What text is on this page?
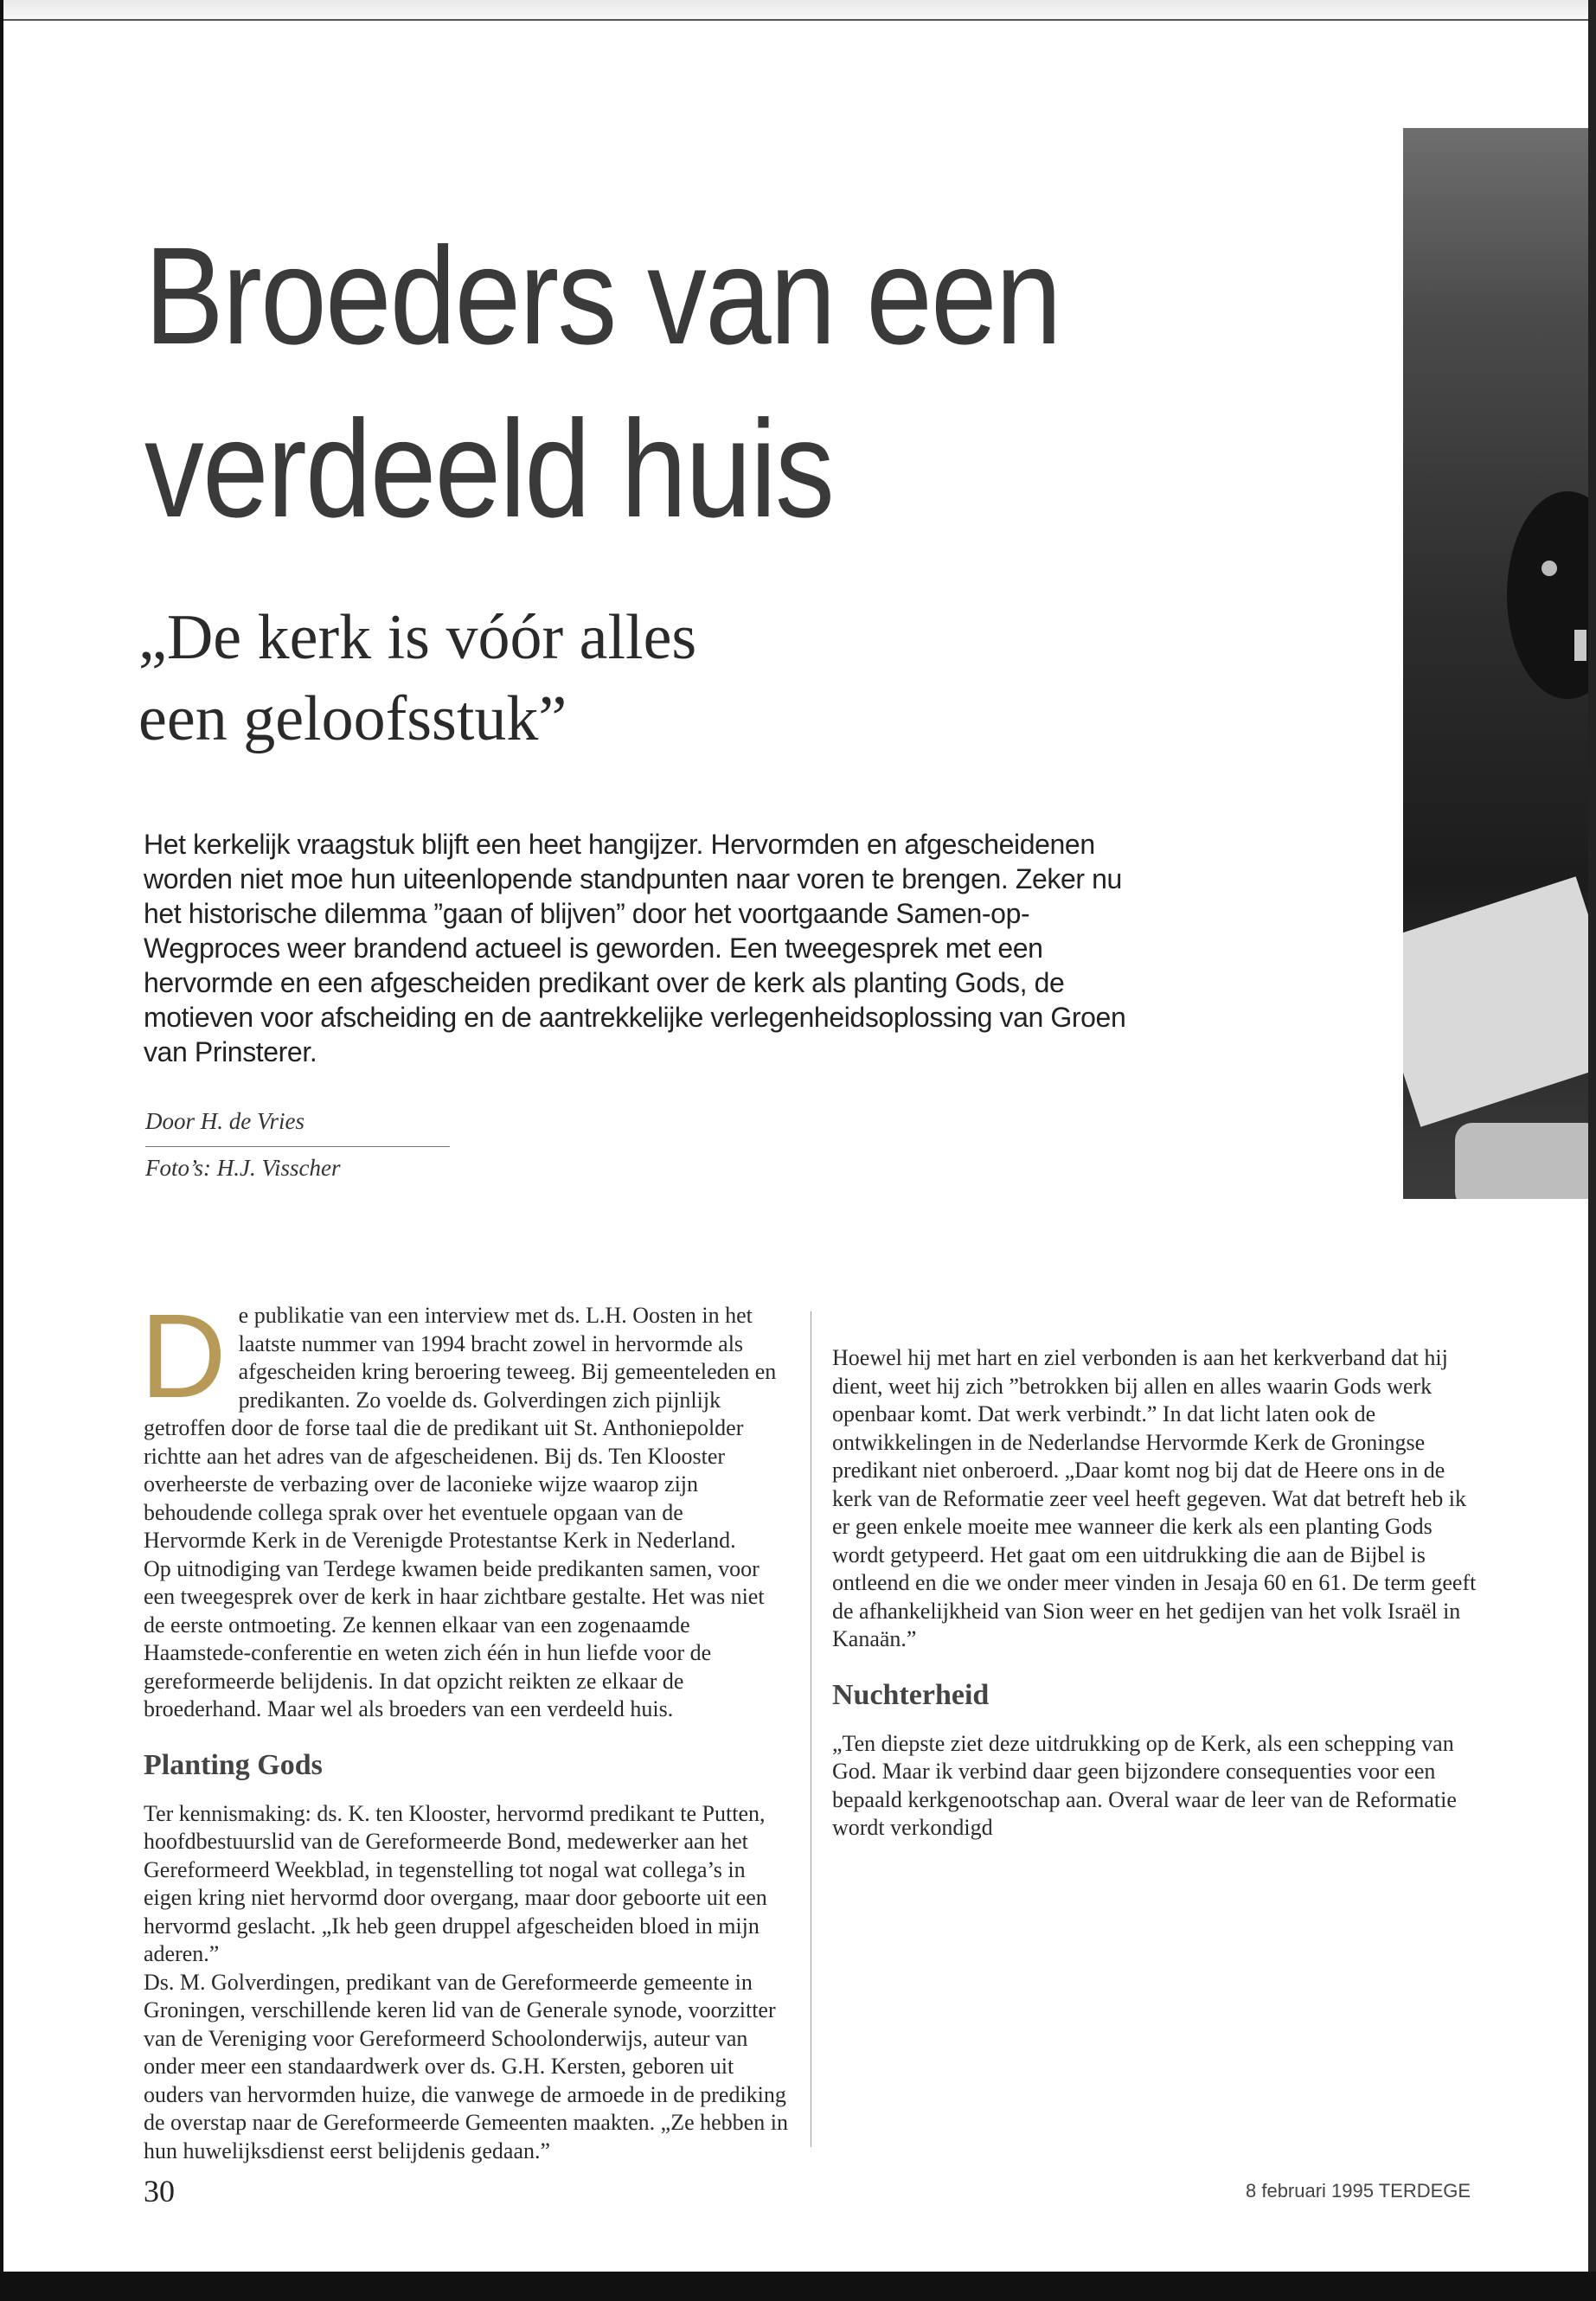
Broeders van een
verdeeld huis
„De kerk is vóór alles
een geloofsstuk”

Het kerkelijk vraagstuk blijft een heet hangijzer. Hervormden en afgescheidenen worden niet moe hun uiteenlopende standpunten naar voren te brengen. Zeker nu het historische dilemma ”gaan of blijven” door het voortgaande Samen-op-Wegproces weer brandend actueel is geworden. Een tweegesprek met een hervormde en een afgescheiden predikant over de kerk als planting Gods, de motieven voor afscheiding en de aantrekkelijke verlegenheidsoplossing van Groen van Prinsterer.

Door H. de Vries
Foto’s: H.J. Visscher

De publikatie van een interview met ds. L.H. Oosten in het laatste nummer van 1994 bracht zowel in hervormde als afgescheiden kring beroering teweeg. Bij gemeenteleden en predikanten. Zo voelde ds. Golverdingen zich pijnlijk getroffen door de forse taal die de predikant uit St. Anthoniepolder richtte aan het adres van de afgescheidenen. Bij ds. Ten Klooster overheerste de verbazing over de laconieke wijze waarop zijn behoudende collega sprak over het eventuele opgaan van de Hervormde Kerk in de Verenigde Protestantse Kerk in Nederland.

Op uitnodiging van Terdege kwamen beide predikanten samen, voor een tweegesprek over de kerk in haar zichtbare gestalte. Het was niet de eerste ontmoeting. Ze kennen elkaar van een zogenaamde Haamstede-conferentie en weten zich één in hun liefde voor de gereformeerde belijdenis. In dat opzicht reikten ze elkaar de broederhand. Maar wel als broeders van een verdeeld huis.

Planting Gods

Ter kennismaking: ds. K. ten Klooster, hervormd predikant te Putten, hoofdbestuurslid van de Gereformeerde Bond, medewerker aan het Gereformeerd Weekblad, in tegenstelling tot nogal wat collega’s in eigen kring niet hervormd door overgang, maar door geboorte uit een hervormd geslacht. „Ik heb geen druppel afgescheiden bloed in mijn aderen.”

Ds. M. Golverdingen, predikant van de Gereformeerde gemeente in Groningen, verschillende keren lid van de Generale synode, voorzitter van de Vereniging voor Gereformeerd Schoolonderwijs, auteur van onder meer een standaardwerk over ds. G.H. Kersten, geboren uit ouders van hervormden huize, die vanwege de armoede in de prediking de overstap naar de Gereformeerde Gemeenten maakten. „Ze hebben in hun huwelijksdienst eerst belijdenis gedaan.”

Hoewel hij met hart en ziel verbonden is aan het kerkverband dat hij dient, weet hij zich ”betrokken bij allen en alles waarin Gods werk openbaar komt. Dat werk verbindt.” In dat licht laten ook de ontwikkelingen in de Nederlandse Hervormde Kerk de Groningse predikant niet onberoerd. „Daar komt nog bij dat de Heere ons in de kerk van de Reformatie zeer veel heeft gegeven. Wat dat betreft heb ik er geen enkele moeite mee wanneer die kerk als een planting Gods wordt getypeerd. Het gaat om een uitdrukking die aan de Bijbel is ontleend en die we onder meer vinden in Jesaja 60 en 61. De term geeft de afhankelijkheid van Sion weer en het gedijen van het volk Israël in Kanaän.”

Nuchterheid

„Ten diepste ziet deze uitdrukking op de Kerk, als een schepping van God. Maar ik verbind daar geen bijzondere consequenties voor een bepaald kerkgenootschap aan. Overal waar de leer van de Reformatie wordt verkondigd

30	8 februari 1995 TERDEGE
